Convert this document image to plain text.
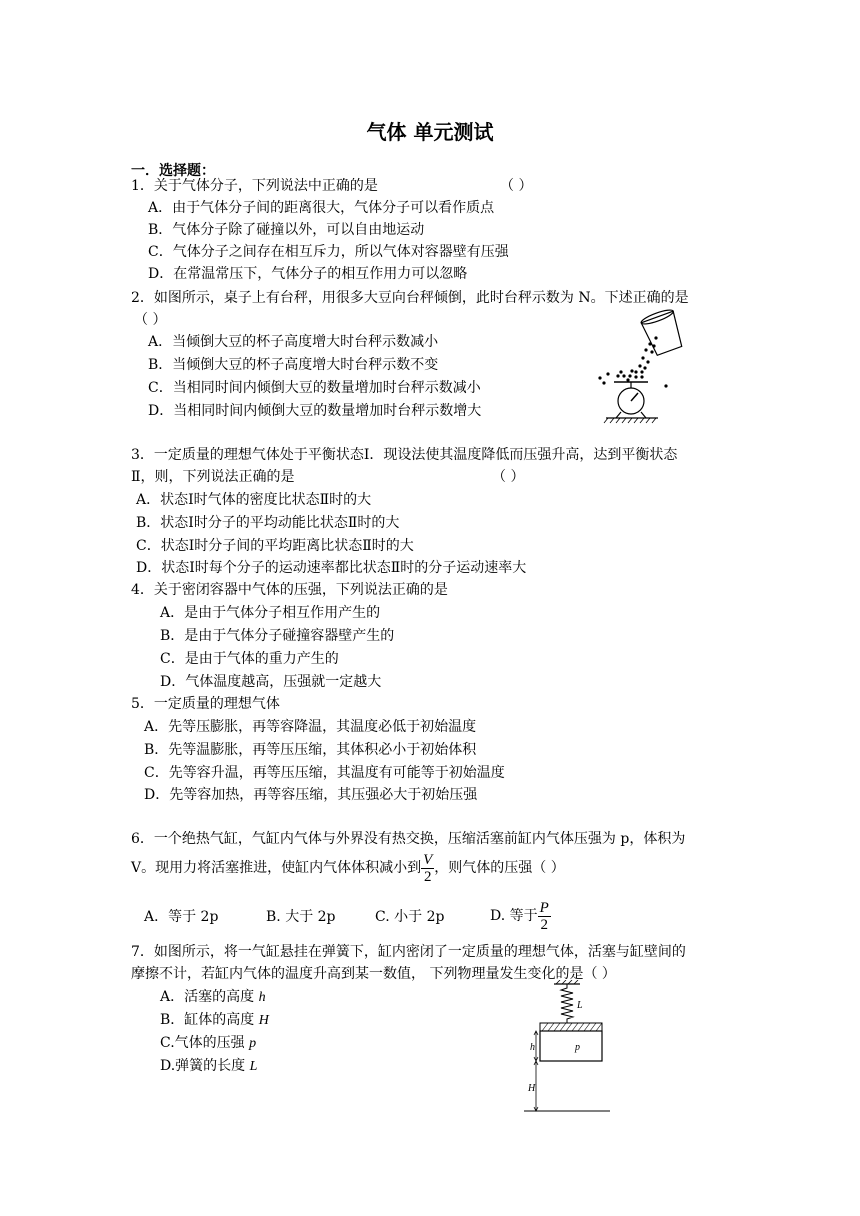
气体 单元测试
一．选择题：
1．关于气体分子，下列说法中正确的是	（ ）
A．由于气体分子间的距离很大，气体分子可以看作质点
B．气体分子除了碰撞以外，可以自由地运动
C．气体分子之间存在相互斥力，所以气体对容器壁有压强
D．在常温常压下，气体分子的相互作用力可以忽略
2．如图所示，桌子上有台秤，用很多大豆向台秤倾倒，此时台秤示数为 N。下述正确的是
（ ）
A．当倾倒大豆的杯子高度增大时台秤示数减小
B．当倾倒大豆的杯子高度增大时台秤示数不变
C．当相同时间内倾倒大豆的数量增加时台秤示数减小
D．当相同时间内倾倒大豆的数量增加时台秤示数增大
3．一定质量的理想气体处于平衡状态Ⅰ．现设法使其温度降低而压强升高，达到平衡状态
Ⅱ，则，下列说法正确的是	（ ）
A．状态Ⅰ时气体的密度比状态Ⅱ时的大
B．状态Ⅰ时分子的平均动能比状态Ⅱ时的大
C．状态Ⅰ时分子间的平均距离比状态Ⅱ时的大
D．状态Ⅰ时每个分子的运动速率都比状态Ⅱ时的分子运动速率大
4．关于密闭容器中气体的压强，下列说法正确的是
A．是由于气体分子相互作用产生的
B．是由于气体分子碰撞容器壁产生的
C．是由于气体的重力产生的
D．气体温度越高，压强就一定越大
5．一定质量的理想气体
A．先等压膨胀，再等容降温，其温度必低于初始温度
B．先等温膨胀，再等压压缩，其体积必小于初始体积
C．先等容升温，再等压压缩，其温度有可能等于初始温度
D．先等容加热，再等容压缩，其压强必大于初始压强
6．一个绝热气缸，气缸内气体与外界没有热交换，压缩活塞前缸内气体压强为 p，体积为
V。现用力将活塞推进，使缸内气体体积减小到 $\frac{V}{2}$ ，则气体的压强（ ）
A．等于 2p	B. 大于 2p	C. 小于 2p	D. 等于 $\frac{P}{2}$
7．如图所示，将一气缸悬挂在弹簧下，缸内密闭了一定质量的理想气体，活塞与缸壁间的
摩擦不计，若缸内气体的温度升高到某一数值， 下列物理量发生变化的是（ ）
A．活塞的高度 h
B．缸体的高度 H
C.气体的压强 p
D.弹簧的长度 L
L
p
h
H
